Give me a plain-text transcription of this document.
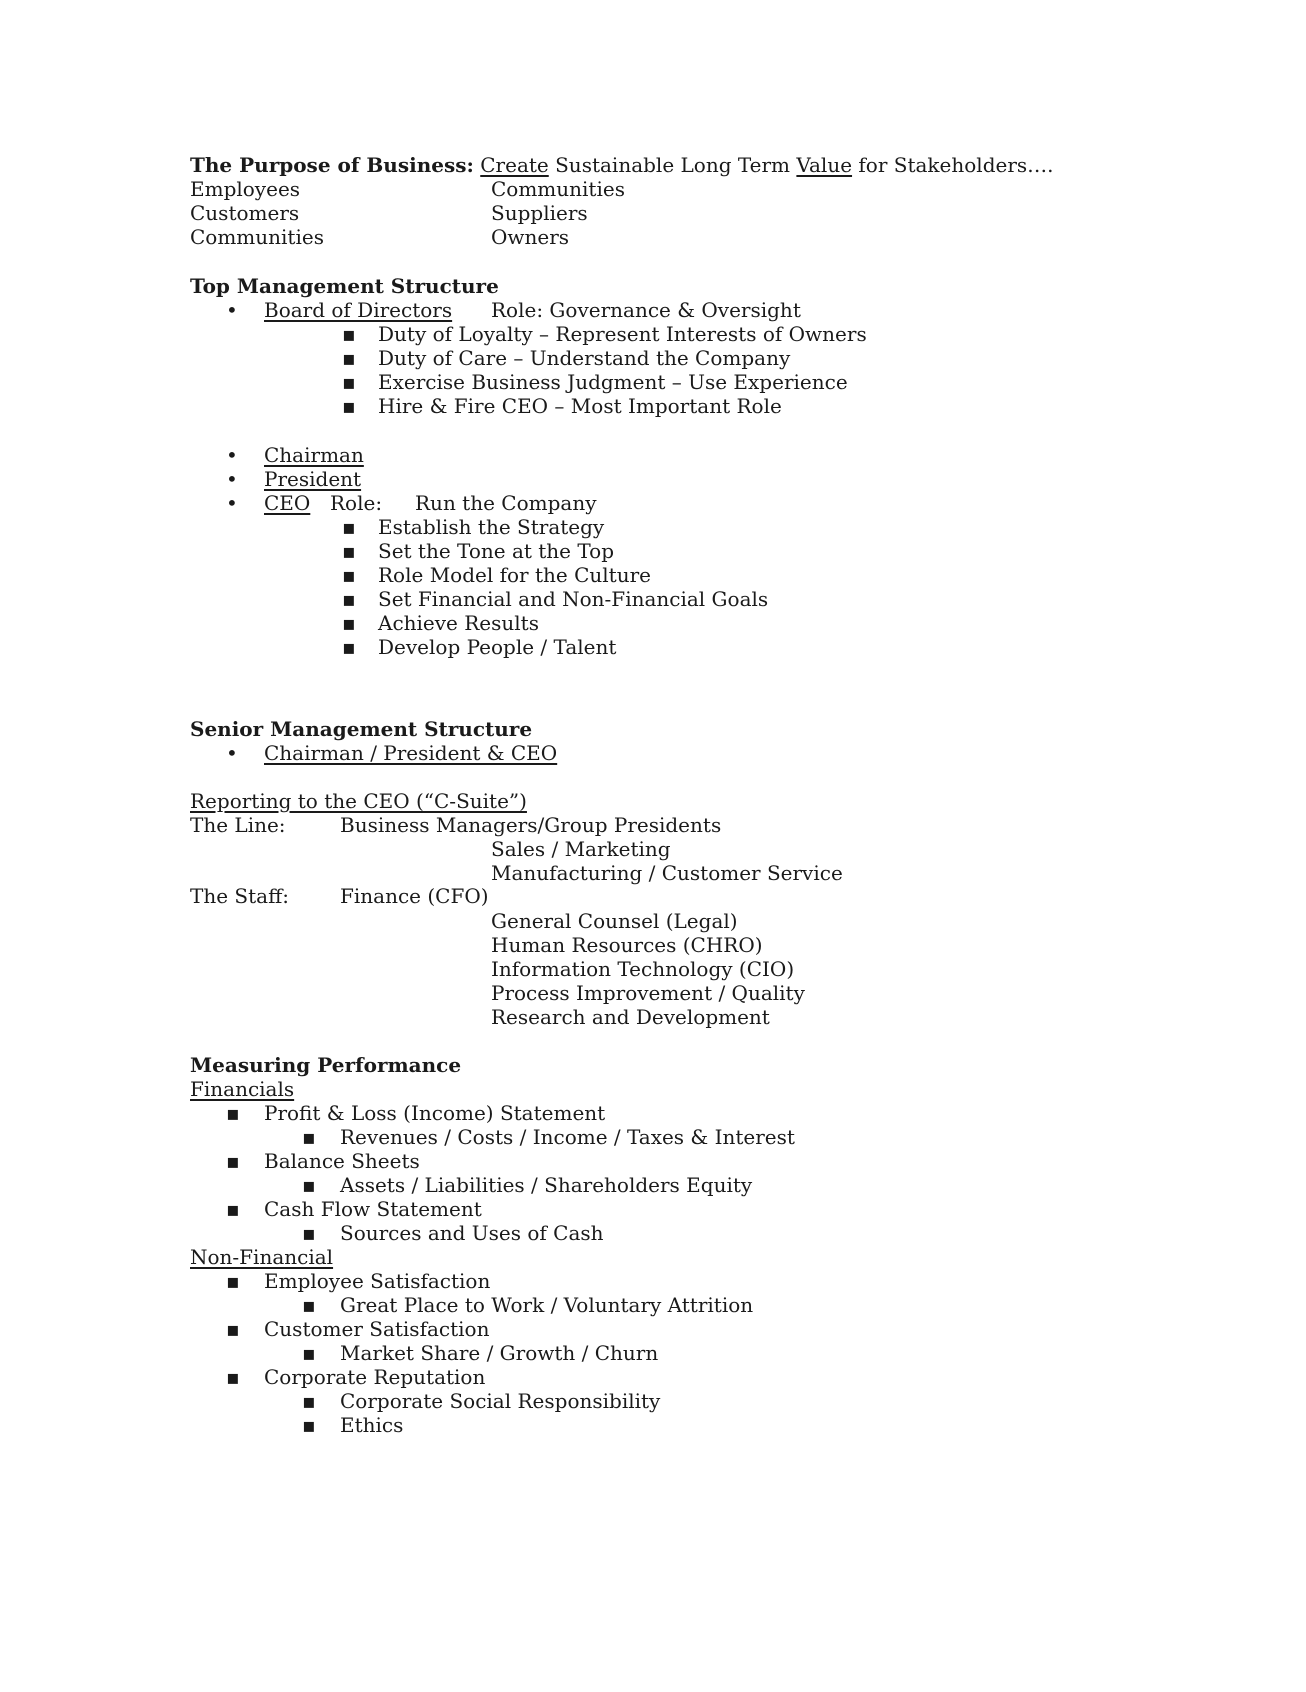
The Purpose of Business: Create Sustainable Long Term Value for Stakeholders….
Employees
Customers
Communities
Communities
Suppliers
Owners
Top Management Structure
•
Board of Directors Role: Governance & Oversight
▪
Duty of Loyalty – Represent Interests of Owners
▪
Duty of Care – Understand the Company
▪
Exercise Business Judgment – Use Experience
▪
Hire & Fire CEO – Most Important Role
•
Chairman
•
President
•
CEO Role: Run the Company
▪
Establish the Strategy
▪
Set the Tone at the Top
▪
Role Model for the Culture
▪
Set Financial and Non-Financial Goals
▪
Achieve Results
▪
Develop People / Talent
Senior Management Structure
•
Chairman / President & CEO
Reporting to the CEO (“C-Suite”)
The Line:	Business Managers/Group Presidents
Sales / Marketing
Manufacturing / Customer Service
The Staff:	Finance (CFO)
General Counsel (Legal)
Human Resources (CHRO)
Information Technology (CIO)
Process Improvement / Quality
Research and Development
Measuring Performance
Financials
▪
Profit & Loss (Income) Statement
▪
Revenues / Costs / Income / Taxes & Interest
▪
Balance Sheets
▪
Assets / Liabilities / Shareholders Equity
▪
Cash Flow Statement
▪
Sources and Uses of Cash
Non-Financial
▪
Employee Satisfaction
▪
Great Place to Work / Voluntary Attrition
▪
Customer Satisfaction
▪
Market Share / Growth / Churn
▪
Corporate Reputation
▪
Corporate Social Responsibility
▪
Ethics
